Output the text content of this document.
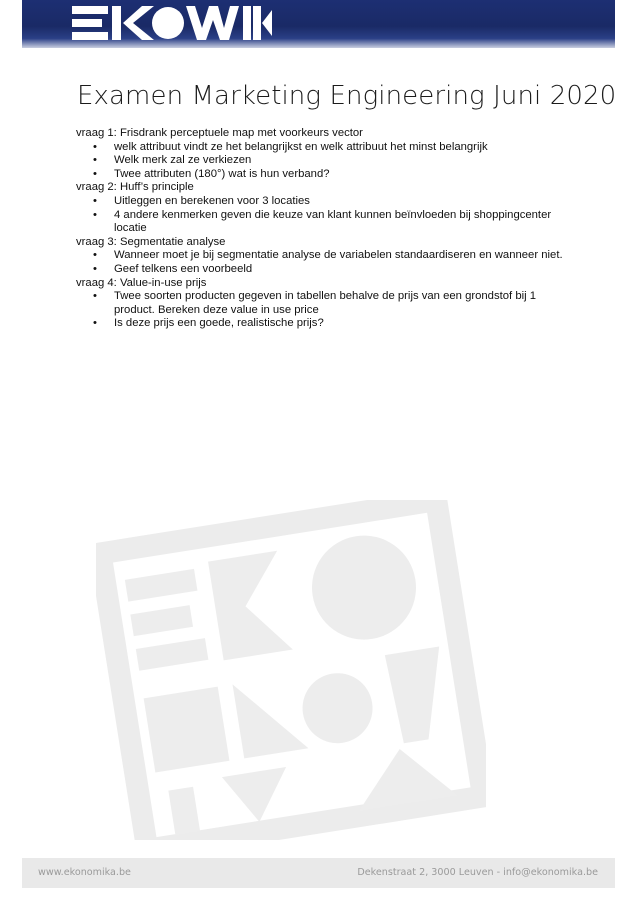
Examen Marketing Engineering Juni 2020
vraag 1: Frisdrank perceptuele map met voorkeurs vector
• welk attribuut vindt ze het belangrijkst en welk attribuut het minst belangrijk
• Welk merk zal ze verkiezen
• Twee attributen (180°) wat is hun verband?
vraag 2: Huff’s principle
• Uitleggen en berekenen voor 3 locaties
• 4 andere kenmerken geven die keuze van klant kunnen beïnvloeden bij shoppingcenter locatie
vraag 3: Segmentatie analyse
• Wanneer moet je bij segmentatie analyse de variabelen standaardiseren en wanneer niet.
• Geef telkens een voorbeeld
vraag 4: Value-in-use prijs
• Twee soorten producten gegeven in tabellen behalve de prijs van een grondstof bij 1 product. Bereken deze value in use price
• Is deze prijs een goede, realistische prijs?
www.ekonomika.be	Dekenstraat 2, 3000 Leuven - info@ekonomika.be
